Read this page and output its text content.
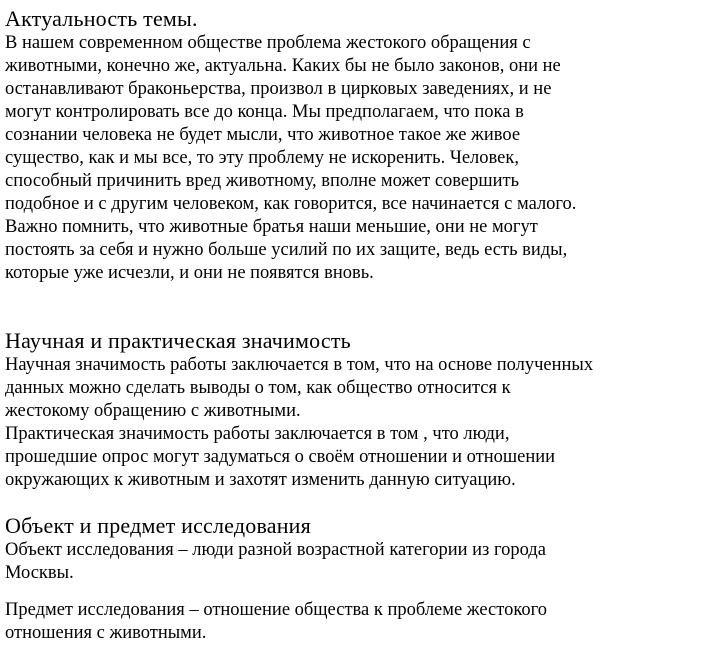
Актуальность темы.
В нашем современном обществе проблема жестокого обращения с
животными, конечно же, актуальна. Каких бы не было законов, они не
останавливают браконьерства, произвол в цирковых заведениях, и не
могут контролировать все до конца. Мы предполагаем, что пока в
сознании человека не будет мысли, что животное такое же живое
существо, как и мы все, то эту проблему не искоренить. Человек,
способный причинить вред животному, вполне может совершить
подобное и с другим человеком, как говорится, все начинается с малого.
Важно помнить, что животные братья наши меньшие, они не могут
постоять за себя и нужно больше усилий по их защите, ведь есть виды,
которые уже исчезли, и они не появятся вновь.
Научная и практическая значимость
Научная значимость работы заключается в том, что на основе полученных
данных можно сделать выводы о том, как общество относится к
жестокому обращению с животными.
Практическая значимость работы заключается в том , что люди,
прошедшие опрос могут задуматься о своём отношении и отношении
окружающих к животным и захотят изменить данную ситуацию.
Объект и предмет исследования
Объект исследования – люди разной возрастной категории из города
Москвы.
Предмет исследования – отношение общества к проблеме жестокого
отношения с животными.
